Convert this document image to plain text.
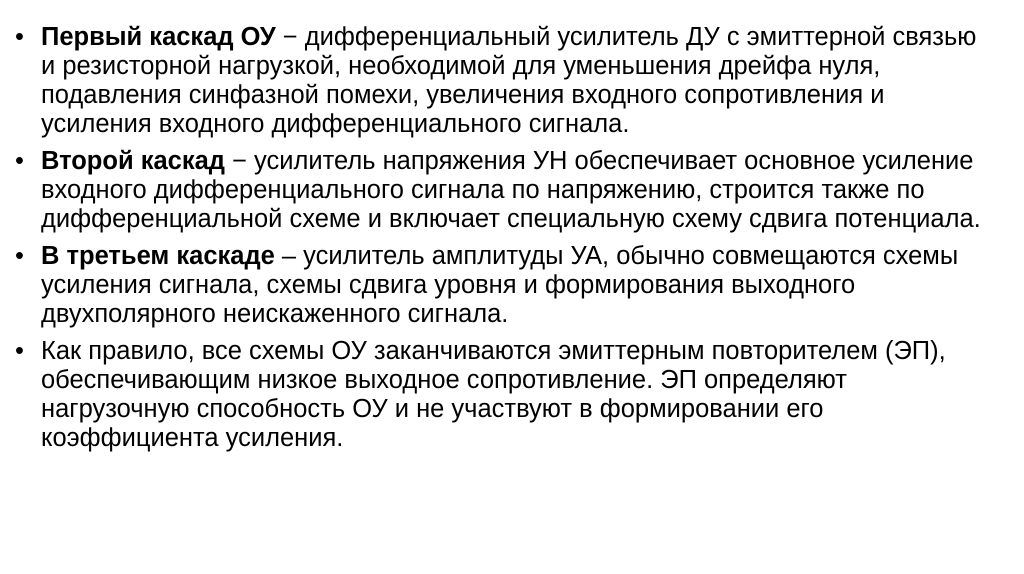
• Первый каскад ОУ − дифференциальный усилитель ДУ с эмиттерной связью и резисторной нагрузкой, необходимой для уменьшения дрейфа нуля, подавления синфазной помехи, увеличения входного сопротивления и усиления входного дифференциального сигнала.
• Второй каскад − усилитель напряжения УН обеспечивает основное усиление входного дифференциального сигнала по напряжению, строится также по дифференциальной схеме и включает специальную схему сдвига потенциала.
• В третьем каскаде – усилитель амплитуды УА, обычно совмещаются схемы усиления сигнала, схемы сдвига уровня и формирования выходного двухполярного неискаженного сигнала.
• Как правило, все схемы ОУ заканчиваются эмиттерным повторителем (ЭП), обеспечивающим низкое выходное сопротивление. ЭП определяют нагрузочную способность ОУ и не участвуют в формировании его коэффициента усиления.
